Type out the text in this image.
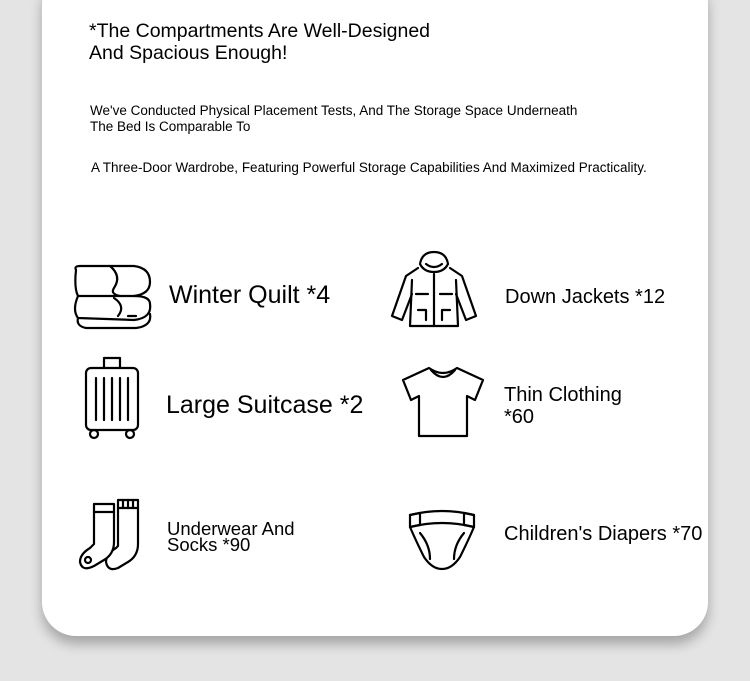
*The Compartments Are Well-Designed
And Spacious Enough!
We've Conducted Physical Placement Tests, And The Storage Space Underneath
The Bed Is Comparable To
A Three-Door Wardrobe, Featuring Powerful Storage Capabilities And Maximized Practicality.
Winter Quilt *4	Down Jackets *12
Large Suitcase *2	Thin Clothing
*60
Underwear And
Socks *90	Children's Diapers *70
